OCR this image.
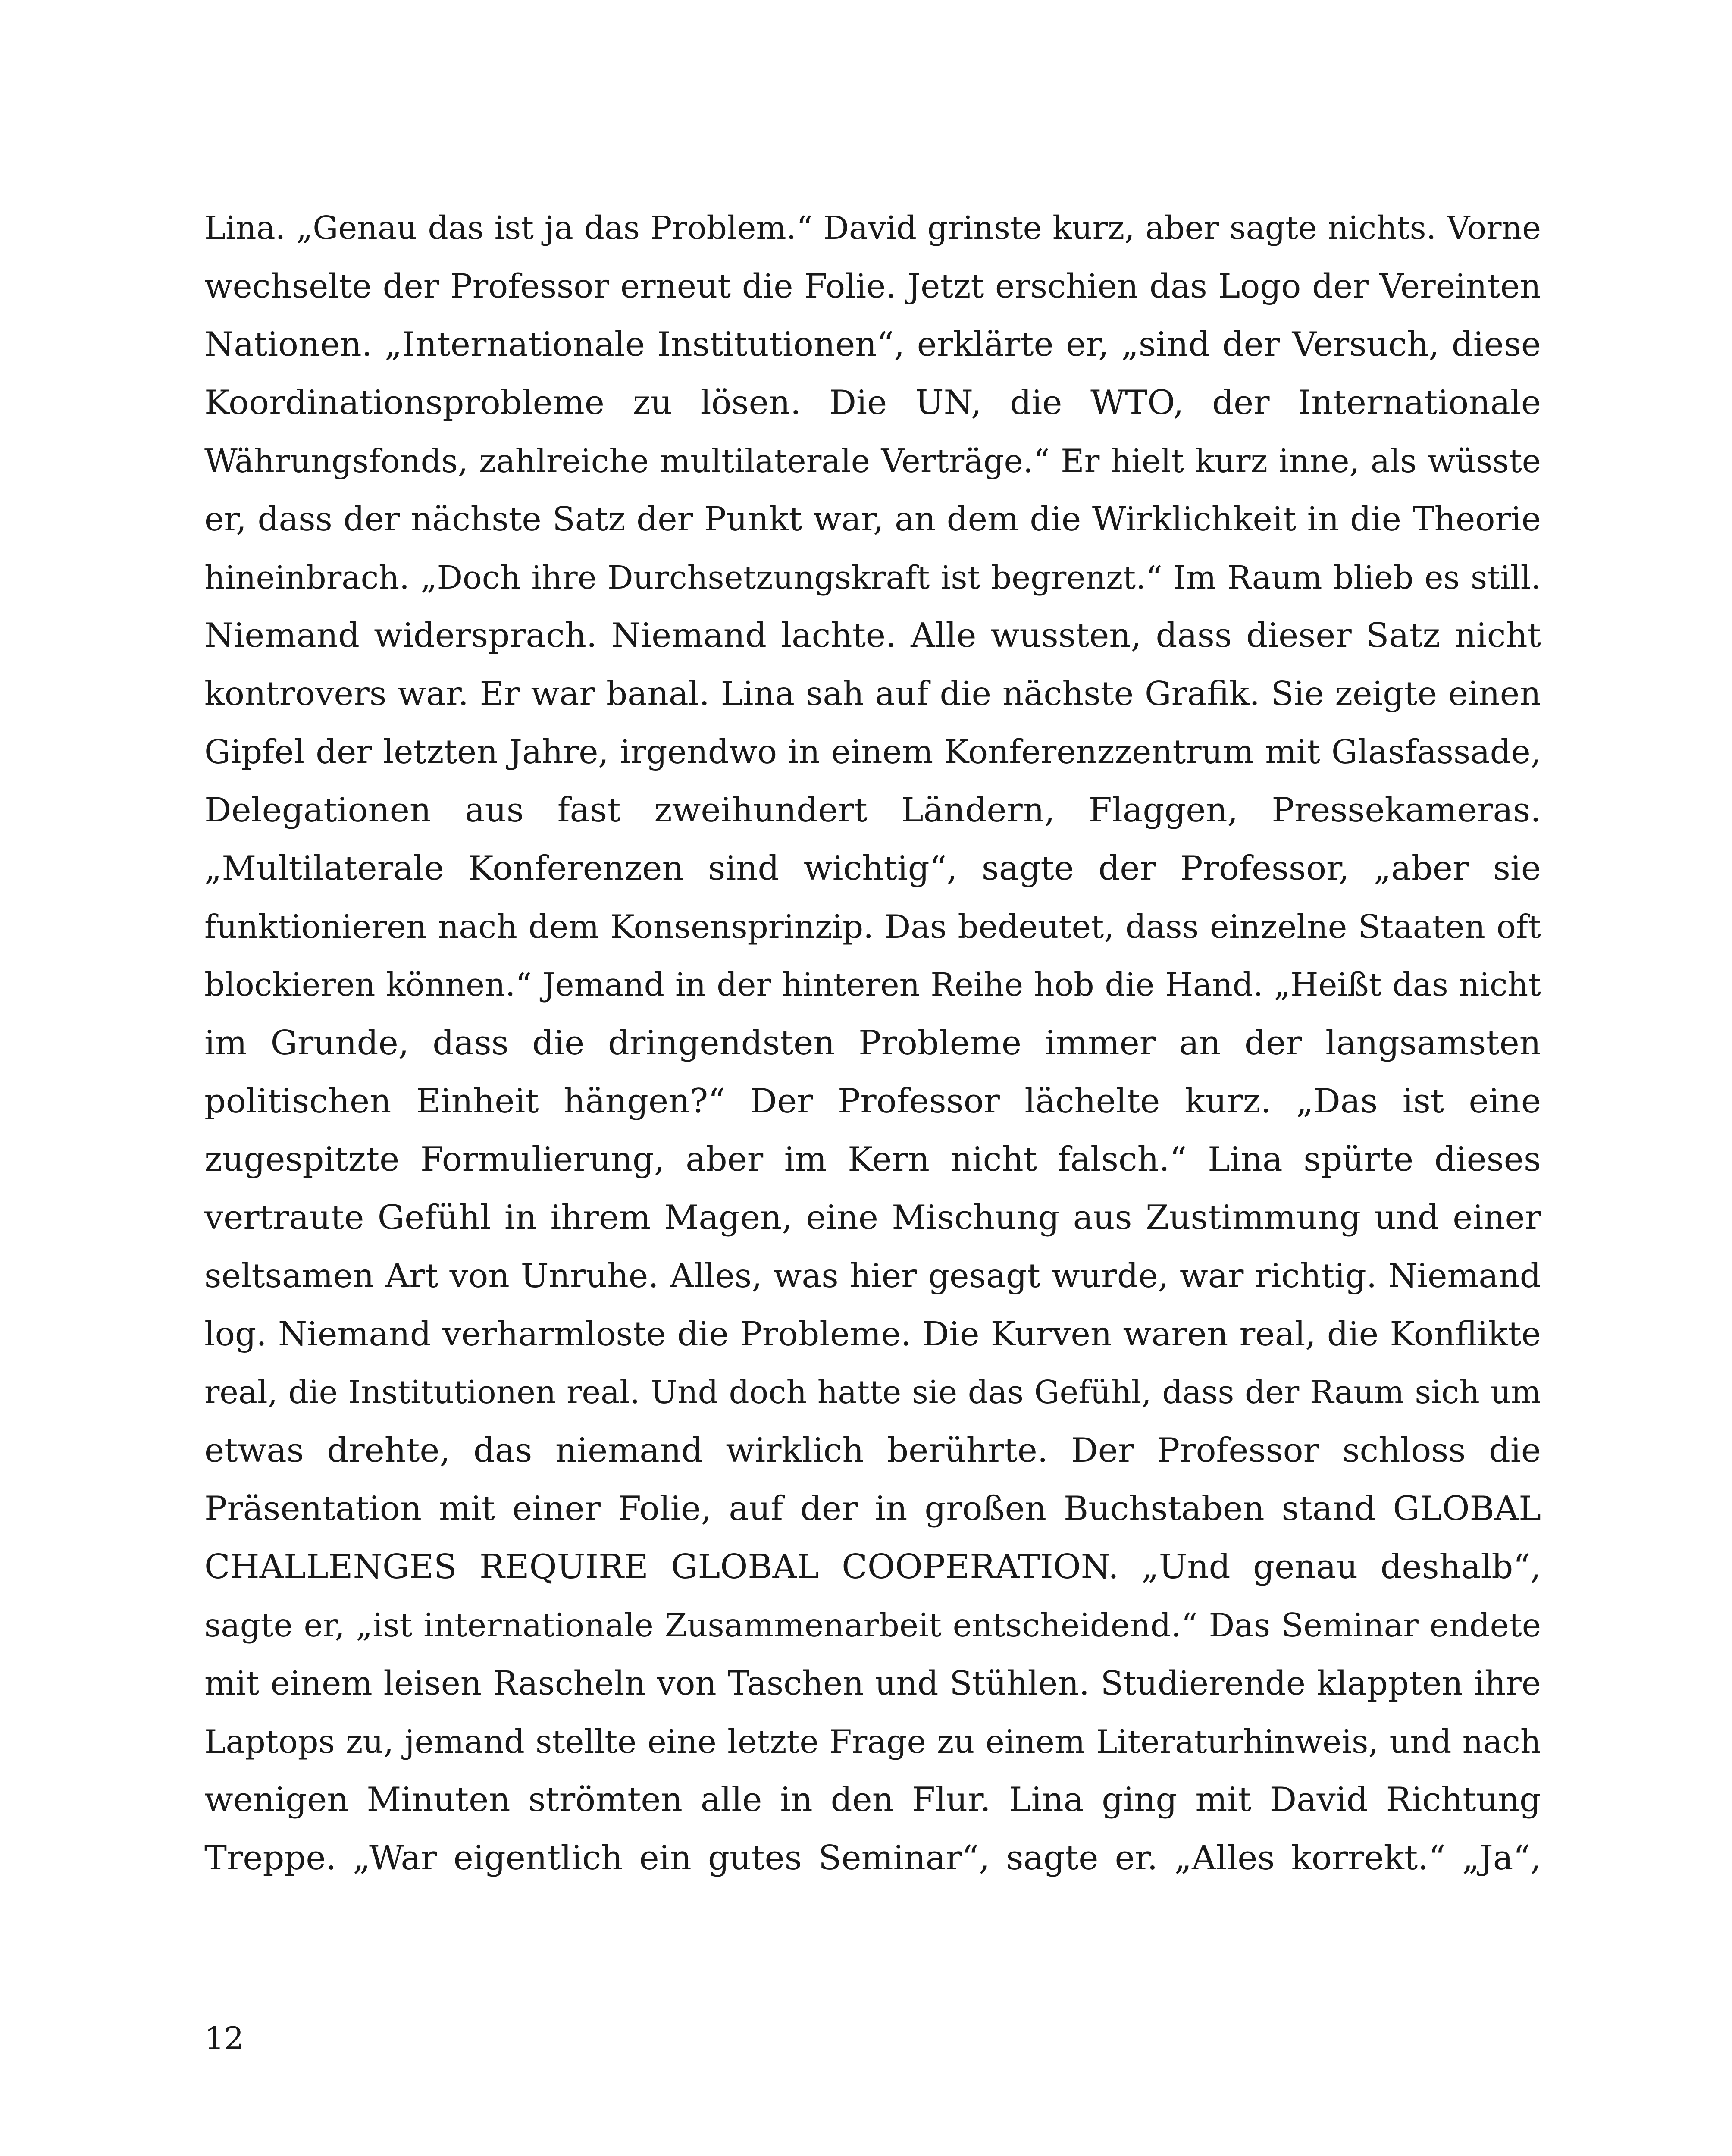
Lina. „Genau das ist ja das Problem.“ David grinste kurz, aber sagte nichts. Vorne
wechselte der Professor erneut die Folie. Jetzt erschien das Logo der Vereinten
Nationen. „Internationale Institutionen“, erklärte er, „sind der Versuch, diese
Koordinationsprobleme zu lösen. Die UN, die WTO, der Internationale
Währungsfonds, zahlreiche multilaterale Verträge.“ Er hielt kurz inne, als wüsste
er, dass der nächste Satz der Punkt war, an dem die Wirklichkeit in die Theorie
hineinbrach. „Doch ihre Durchsetzungskraft ist begrenzt.“ Im Raum blieb es still.
Niemand widersprach. Niemand lachte. Alle wussten, dass dieser Satz nicht
kontrovers war. Er war banal. Lina sah auf die nächste Grafik. Sie zeigte einen
Gipfel der letzten Jahre, irgendwo in einem Konferenzzentrum mit Glasfassade,
Delegationen aus fast zweihundert Ländern, Flaggen, Pressekameras.
„Multilaterale Konferenzen sind wichtig“, sagte der Professor, „aber sie
funktionieren nach dem Konsensprinzip. Das bedeutet, dass einzelne Staaten oft
blockieren können.“ Jemand in der hinteren Reihe hob die Hand. „Heißt das nicht
im Grunde, dass die dringendsten Probleme immer an der langsamsten
politischen Einheit hängen?“ Der Professor lächelte kurz. „Das ist eine
zugespitzte Formulierung, aber im Kern nicht falsch.“ Lina spürte dieses
vertraute Gefühl in ihrem Magen, eine Mischung aus Zustimmung und einer
seltsamen Art von Unruhe. Alles, was hier gesagt wurde, war richtig. Niemand
log. Niemand verharmloste die Probleme. Die Kurven waren real, die Konflikte
real, die Institutionen real. Und doch hatte sie das Gefühl, dass der Raum sich um
etwas drehte, das niemand wirklich berührte. Der Professor schloss die
Präsentation mit einer Folie, auf der in großen Buchstaben stand GLOBAL
CHALLENGES REQUIRE GLOBAL COOPERATION. „Und genau deshalb“,
sagte er, „ist internationale Zusammenarbeit entscheidend.“ Das Seminar endete
mit einem leisen Rascheln von Taschen und Stühlen. Studierende klappten ihre
Laptops zu, jemand stellte eine letzte Frage zu einem Literaturhinweis, und nach
wenigen Minuten strömten alle in den Flur. Lina ging mit David Richtung
Treppe. „War eigentlich ein gutes Seminar“, sagte er. „Alles korrekt.“ „Ja“,
12
